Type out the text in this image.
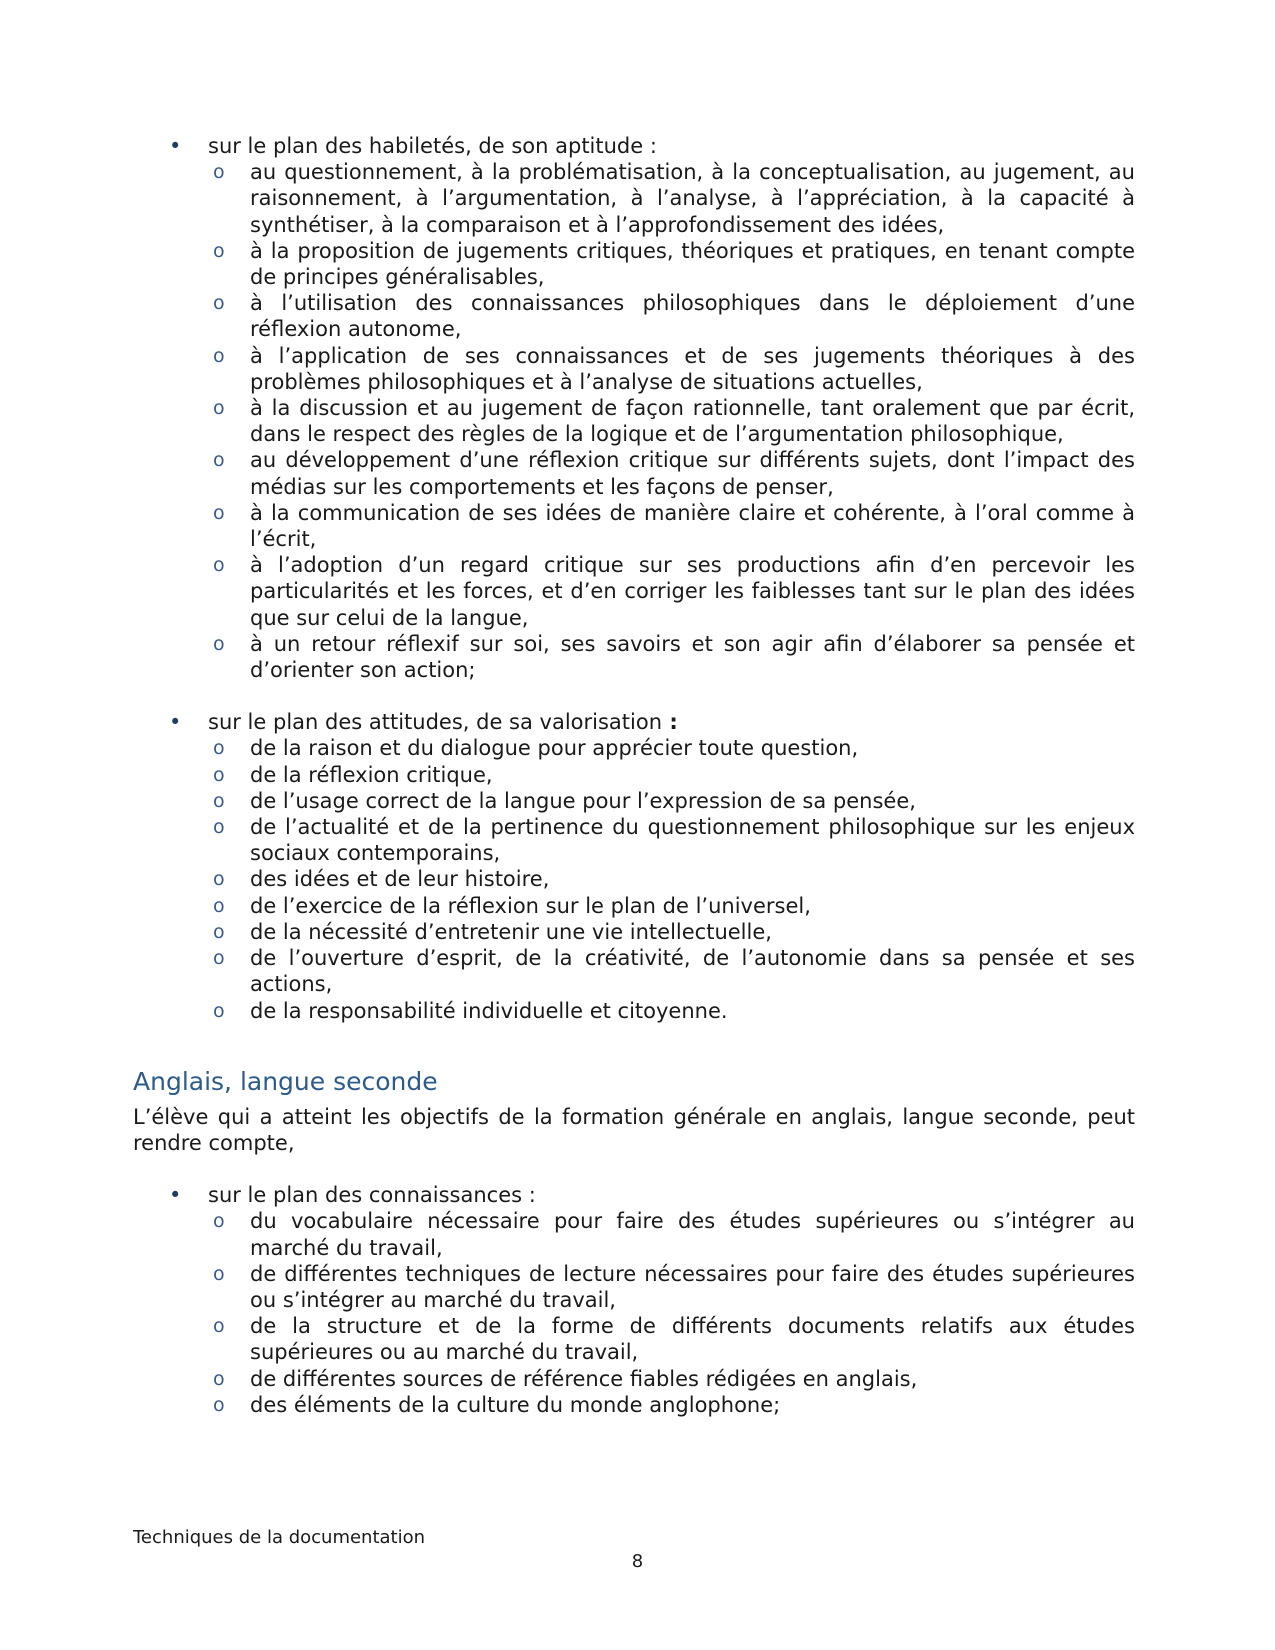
• sur le plan des habiletés, de son aptitude :
o au questionnement, à la problématisation, à la conceptualisation, au jugement, au raisonnement, à l’argumentation, à l’analyse, à l’appréciation, à la capacité à synthétiser, à la comparaison et à l’approfondissement des idées,
o à la proposition de jugements critiques, théoriques et pratiques, en tenant compte de principes généralisables,
o à l’utilisation des connaissances philosophiques dans le déploiement d’une réflexion autonome,
o à l’application de ses connaissances et de ses jugements théoriques à des problèmes philosophiques et à l’analyse de situations actuelles,
o à la discussion et au jugement de façon rationnelle, tant oralement que par écrit, dans le respect des règles de la logique et de l’argumentation philosophique,
o au développement d’une réflexion critique sur différents sujets, dont l’impact des médias sur les comportements et les façons de penser,
o à la communication de ses idées de manière claire et cohérente, à l’oral comme à l’écrit,
o à l’adoption d’un regard critique sur ses productions afin d’en percevoir les particularités et les forces, et d’en corriger les faiblesses tant sur le plan des idées que sur celui de la langue,
o à un retour réflexif sur soi, ses savoirs et son agir afin d’élaborer sa pensée et d’orienter son action;
• sur le plan des attitudes, de sa valorisation :
o de la raison et du dialogue pour apprécier toute question,
o de la réflexion critique,
o de l’usage correct de la langue pour l’expression de sa pensée,
o de l’actualité et de la pertinence du questionnement philosophique sur les enjeux sociaux contemporains,
o des idées et de leur histoire,
o de l’exercice de la réflexion sur le plan de l’universel,
o de la nécessité d’entretenir une vie intellectuelle,
o de l’ouverture d’esprit, de la créativité, de l’autonomie dans sa pensée et ses actions,
o de la responsabilité individuelle et citoyenne.
Anglais, langue seconde
L’élève qui a atteint les objectifs de la formation générale en anglais, langue seconde, peut rendre compte,
• sur le plan des connaissances :
o du vocabulaire nécessaire pour faire des études supérieures ou s’intégrer au marché du travail,
o de différentes techniques de lecture nécessaires pour faire des études supérieures ou s’intégrer au marché du travail,
o de la structure et de la forme de différents documents relatifs aux études supérieures ou au marché du travail,
o de différentes sources de référence fiables rédigées en anglais,
o des éléments de la culture du monde anglophone;
Techniques de la documentation
8
